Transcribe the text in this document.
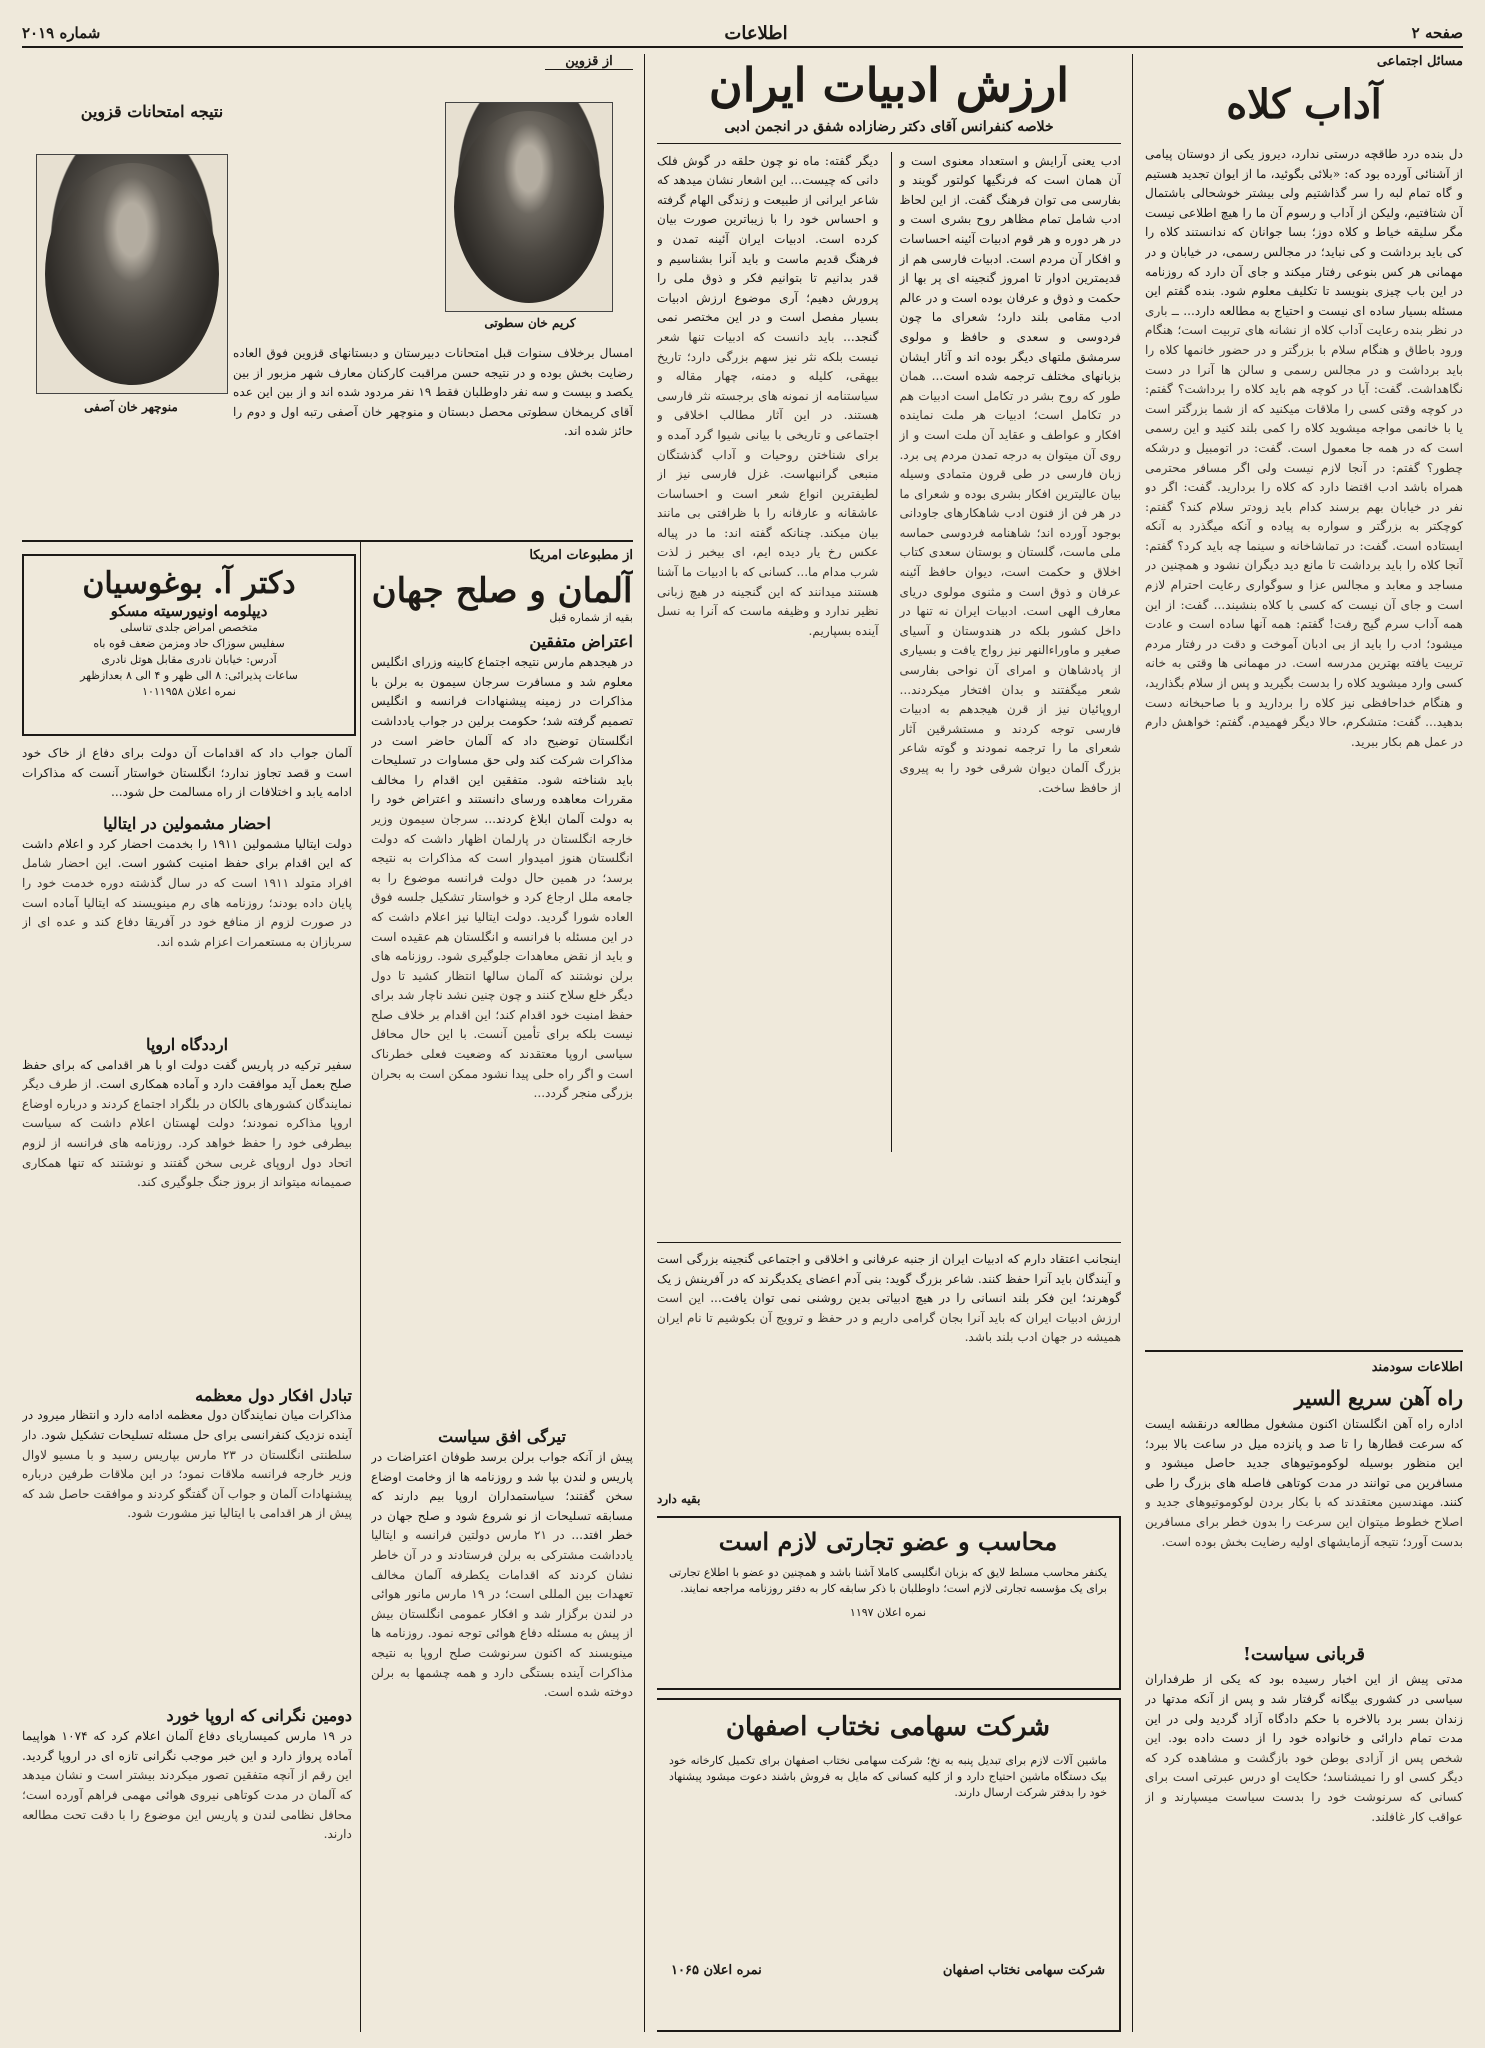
صفحه ۲
اطلاعات
شماره ۲۰۱۹
مسائل اجتماعی
آداب کلاه
دل بنده درد طاقچه درستی ندارد، دیروز یکی از دوستان پیامی از آشنائی آورده بود که: «بلائی بگوئید، ما از ایوان تجدید هستیم و گاه تمام لبه را سر گذاشتیم ولی بیشتر خوشحالی باشتمال آن شتافتیم، ولیکن از آداب و رسوم آن ما را هیچ اطلاعی نیست مگر سلیقه خیاط و کلاه دوز؛ بسا جوانان که ندانستند کلاه را کی باید برداشت و کی نباید؛ در مجالس رسمی، در خیابان و در مهمانی هر کس بنوعی رفتار میکند و جای آن دارد که روزنامه در این باب چیزی بنویسد تا تکلیف معلوم شود. بنده گفتم این مسئله بسیار ساده ای نیست و احتیاج به مطالعه دارد... ــ باری در نظر بنده رعایت آداب کلاه از نشانه های تربیت است؛ هنگام ورود باطاق و هنگام سلام با بزرگتر و در حضور خانمها کلاه را باید برداشت و در مجالس رسمی و سالن ها آنرا در دست نگاهداشت. گفت: آیا در کوچه هم باید کلاه را برداشت؟ گفتم: در کوچه وقتی کسی را ملاقات میکنید که از شما بزرگتر است یا با خانمی مواجه میشوید کلاه را کمی بلند کنید و این رسمی است که در همه جا معمول است. گفت: در اتومبیل و درشکه چطور؟ گفتم: در آنجا لازم نیست ولی اگر مسافر محترمی همراه باشد ادب اقتضا دارد که کلاه را بردارید. گفت: اگر دو نفر در خیابان بهم برسند کدام باید زودتر سلام کند؟ گفتم: کوچکتر به بزرگتر و سواره به پیاده و آنکه میگذرد به آنکه ایستاده است. گفت: در تماشاخانه و سینما چه باید کرد؟ گفتم: آنجا کلاه را باید برداشت تا مانع دید دیگران نشود و همچنین در مساجد و معابد و مجالس عزا و سوگواری رعایت احترام لازم است و جای آن نیست که کسی با کلاه بنشیند... گفت: از این همه آداب سرم گیج رفت! گفتم: همه آنها ساده است و عادت میشود؛ ادب را باید از بی ادبان آموخت و دقت در رفتار مردم تربیت یافته بهترین مدرسه است. در مهمانی ها وقتی به خانه کسی وارد میشوید کلاه را بدست بگیرید و پس از سلام بگذارید، و هنگام خداحافظی نیز کلاه را بردارید و با صاحبخانه دست بدهید... گفت: متشکرم، حالا دیگر فهمیدم. گفتم: خواهش دارم در عمل هم بکار ببرید.
اطلاعات سودمند
راه آهن سریع السیر
اداره راه آهن انگلستان اکنون مشغول مطالعه درنقشه ایست که سرعت قطارها را تا صد و پانزده میل در ساعت بالا ببرد؛ این منظور بوسیله لوکوموتیوهای جدید حاصل میشود و مسافرین می توانند در مدت کوتاهی فاصله های بزرگ را طی کنند. مهندسین معتقدند که با بکار بردن لوکوموتیوهای جدید و اصلاح خطوط میتوان این سرعت را بدون خطر برای مسافرین بدست آورد؛ نتیجه آزمایشهای اولیه رضایت بخش بوده است.
قربانی سیاست!
مدتی پیش از این اخبار رسیده بود که یکی از طرفداران سیاسی در کشوری بیگانه گرفتار شد و پس از آنکه مدتها در زندان بسر برد بالاخره با حکم دادگاه آزاد گردید ولی در این مدت تمام دارائی و خانواده خود را از دست داده بود. این شخص پس از آزادی بوطن خود بازگشت و مشاهده کرد که دیگر کسی او را نمیشناسد؛ حکایت او درس عبرتی است برای کسانی که سرنوشت خود را بدست سیاست میسپارند و از عواقب کار غافلند.
ارزش ادبیات ایران
خلاصه کنفرانس آقای دکتر رضازاده شفق در انجمن ادبی
ادب یعنی آرایش و استعداد معنوی است و آن همان است که فرنگیها کولتور گویند و بفارسی می توان فرهنگ گفت. از این لحاظ ادب شامل تمام مظاهر روح بشری است و در هر دوره و هر قوم ادبیات آئینه احساسات و افکار آن مردم است. ادبیات فارسی هم از قدیمترین ادوار تا امروز گنجینه ای پر بها از حکمت و ذوق و عرفان بوده است و در عالم ادب مقامی بلند دارد؛ شعرای ما چون فردوسی و سعدی و حافظ و مولوی سرمشق ملتهای دیگر بوده اند و آثار ایشان بزبانهای مختلف ترجمه شده است... همان طور که روح بشر در تکامل است ادبیات هم در تکامل است؛ ادبیات هر ملت نماینده افکار و عواطف و عقاید آن ملت است و از روی آن میتوان به درجه تمدن مردم پی برد. زبان فارسی در طی قرون متمادی وسیله بیان عالیترین افکار بشری بوده و شعرای ما در هر فن از فنون ادب شاهکارهای جاودانی بوجود آورده اند؛ شاهنامه فردوسی حماسه ملی ماست، گلستان و بوستان سعدی کتاب اخلاق و حکمت است، دیوان حافظ آئینه عرفان و ذوق است و مثنوی مولوی دریای معارف الهی است. ادبیات ایران نه تنها در داخل کشور بلکه در هندوستان و آسیای صغیر و ماوراءالنهر نیز رواج یافت و بسیاری از پادشاهان و امرای آن نواحی بفارسی شعر میگفتند و بدان افتخار میکردند... اروپائیان نیز از قرن هیجدهم به ادبیات فارسی توجه کردند و مستشرقین آثار شعرای ما را ترجمه نمودند و گوته شاعر بزرگ آلمان دیوان شرقی خود را به پیروی از حافظ ساخت.
دیگر گفته: ماه نو چون حلقه در گوش فلک دانی که چیست... این اشعار نشان میدهد که شاعر ایرانی از طبیعت و زندگی الهام گرفته و احساس خود را با زیباترین صورت بیان کرده است. ادبیات ایران آئینه تمدن و فرهنگ قدیم ماست و باید آنرا بشناسیم و قدر بدانیم تا بتوانیم فکر و ذوق ملی را پرورش دهیم؛ آری موضوع ارزش ادبیات بسیار مفصل است و در این مختصر نمی گنجد... باید دانست که ادبیات تنها شعر نیست بلکه نثر نیز سهم بزرگی دارد؛ تاریخ بیهقی، کلیله و دمنه، چهار مقاله و سیاستنامه از نمونه های برجسته نثر فارسی هستند. در این آثار مطالب اخلاقی و اجتماعی و تاریخی با بیانی شیوا گرد آمده و برای شناختن روحیات و آداب گذشتگان منبعی گرانبهاست. غزل فارسی نیز از لطیفترین انواع شعر است و احساسات عاشقانه و عارفانه را با ظرافتی بی مانند بیان میکند. چنانکه گفته اند: ما در پیاله عکس رخ یار دیده ایم، ای بیخبر ز لذت شرب مدام ما... کسانی که با ادبیات ما آشنا هستند میدانند که این گنجینه در هیچ زبانی نظیر ندارد و وظیفه ماست که آنرا به نسل آینده بسپاریم.
اینجانب اعتقاد دارم که ادبیات ایران از جنبه عرفانی و اخلاقی و اجتماعی گنجینه بزرگی است و آیندگان باید آنرا حفظ کنند. شاعر بزرگ گوید: بنی آدم اعضای یکدیگرند که در آفرینش ز یک گوهرند؛ این فکر بلند انسانی را در هیچ ادبیاتی بدین روشنی نمی توان یافت... این است ارزش ادبیات ایران که باید آنرا بجان گرامی داریم و در حفظ و ترویج آن بکوشیم تا نام ایران همیشه در جهان ادب بلند باشد.
بقیه دارد
محاسب و عضو تجارتی لازم است
یکنفر محاسب مسلط لایق که بزبان انگلیسی کاملا آشنا باشد و همچنین دو عضو با اطلاع تجارتی برای یک مؤسسه تجارتی لازم است؛ داوطلبان با ذکر سابقه کار به دفتر روزنامه مراجعه نمایند.
نمره اعلان ۱۱۹۷
شرکت سهامی نختاب اصفهان
ماشین آلات لازم برای تبدیل پنبه به نخ؛ شرکت سهامی نختاب اصفهان برای تکمیل کارخانه خود بیک دستگاه ماشین احتیاج دارد و از کلیه کسانی که مایل به فروش باشند دعوت میشود پیشنهاد خود را بدفتر شرکت ارسال دارند.
شرکت سهامی نختاب اصفهان
نمره اعلان ۱۰۶۵
از قزوین
نتیجه امتحانات قزوین
کریم خان سطوتی
منوچهر خان آصفی
امسال برخلاف سنوات قبل امتحانات دبیرستان و دبستانهای قزوین فوق العاده رضایت بخش بوده و در نتیجه حسن مراقبت کارکنان معارف شهر مزبور از بین یکصد و بیست و سه نفر داوطلبان فقط ۱۹ نفر مردود شده اند و از بین این عده آقای کریمخان سطوتی محصل دبستان و منوچهر خان آصفی رتبه اول و دوم را حائز شده اند.
از مطبوعات امریکا
آلمان و صلح جهان
بقیه از شماره قبل
اعتراض متفقین
در هیجدهم مارس نتیجه اجتماع کابینه وزرای انگلیس معلوم شد و مسافرت سرجان سیمون به برلن با مذاکرات در زمینه پیشنهادات فرانسه و انگلیس تصمیم گرفته شد؛ حکومت برلین در جواب یادداشت انگلستان توضیح داد که آلمان حاضر است در مذاکرات شرکت کند ولی حق مساوات در تسلیحات باید شناخته شود. متفقین این اقدام را مخالف مقررات معاهده ورسای دانستند و اعتراض خود را به دولت آلمان ابلاغ کردند... سرجان سیمون وزیر خارجه انگلستان در پارلمان اظهار داشت که دولت انگلستان هنوز امیدوار است که مذاکرات به نتیجه برسد؛ در همین حال دولت فرانسه موضوع را به جامعه ملل ارجاع کرد و خواستار تشکیل جلسه فوق العاده شورا گردید. دولت ایتالیا نیز اعلام داشت که در این مسئله با فرانسه و انگلستان هم عقیده است و باید از نقض معاهدات جلوگیری شود. روزنامه های برلن نوشتند که آلمان سالها انتظار کشید تا دول دیگر خلع سلاح کنند و چون چنین نشد ناچار شد برای حفظ امنیت خود اقدام کند؛ این اقدام بر خلاف صلح نیست بلکه برای تأمین آنست. با این حال محافل سیاسی اروپا معتقدند که وضعیت فعلی خطرناک است و اگر راه حلی پیدا نشود ممکن است به بحران بزرگی منجر گردد...
تیرگی افق سیاست
پیش از آنکه جواب برلن برسد طوفان اعتراضات در پاریس و لندن بپا شد و روزنامه ها از وخامت اوضاع سخن گفتند؛ سیاستمداران اروپا بیم دارند که مسابقه تسلیحات از نو شروع شود و صلح جهان در خطر افتد... در ۲۱ مارس دولتین فرانسه و ایتالیا یادداشت مشترکی به برلن فرستادند و در آن خاطر نشان کردند که اقدامات یکطرفه آلمان مخالف تعهدات بین المللی است؛ در ۱۹ مارس مانور هوائی در لندن برگزار شد و افکار عمومی انگلستان بیش از پیش به مسئله دفاع هوائی توجه نمود. روزنامه ها مینویسند که اکنون سرنوشت صلح اروپا به نتیجه مذاکرات آینده بستگی دارد و همه چشمها به برلن دوخته شده است.
دکتر آ. بوغوسیان
دیپلومه اونیورسیته مسکو
متخصص امراض جلدی تناسلی
سفلیس سوزاک حاد ومزمن ضعف قوه باه
آدرس: خیابان نادری مقابل هوتل نادری
ساعات پذیرائی: ۸ الی ظهر و ۴ الی ۸ بعدازظهر
نمره اعلان ۱۰۱۱۹۵۸
آلمان جواب داد که اقدامات آن دولت برای دفاع از خاک خود است و قصد تجاوز ندارد؛ انگلستان خواستار آنست که مذاکرات ادامه یابد و اختلافات از راه مسالمت حل شود...
احضار مشمولین در ایتالیا
دولت ایتالیا مشمولین ۱۹۱۱ را بخدمت احضار کرد و اعلام داشت که این اقدام برای حفظ امنیت کشور است. این احضار شامل افراد متولد ۱۹۱۱ است که در سال گذشته دوره خدمت خود را پایان داده بودند؛ روزنامه های رم مینویسند که ایتالیا آماده است در صورت لزوم از منافع خود در آفریقا دفاع کند و عده ای از سربازان به مستعمرات اعزام شده اند.
ارددگاه اروپا
سفیر ترکیه در پاریس گفت دولت او با هر اقدامی که برای حفظ صلح بعمل آید موافقت دارد و آماده همکاری است. از طرف دیگر نمایندگان کشورهای بالکان در بلگراد اجتماع کردند و درباره اوضاع اروپا مذاکره نمودند؛ دولت لهستان اعلام داشت که سیاست بیطرفی خود را حفظ خواهد کرد. روزنامه های فرانسه از لزوم اتحاد دول اروپای غربی سخن گفتند و نوشتند که تنها همکاری صمیمانه میتواند از بروز جنگ جلوگیری کند.
تبادل افکار دول معظمه
مذاکرات میان نمایندگان دول معظمه ادامه دارد و انتظار میرود در آینده نزدیک کنفرانسی برای حل مسئله تسلیحات تشکیل شود. دار سلطنتی انگلستان در ۲۳ مارس بپاریس رسید و با مسیو لاوال وزیر خارجه فرانسه ملاقات نمود؛ در این ملاقات طرفین درباره پیشنهادات آلمان و جواب آن گفتگو کردند و موافقت حاصل شد که پیش از هر اقدامی با ایتالیا نیز مشورت شود.
دومین نگرانی که اروپا خورد
در ۱۹ مارس کمیساریای دفاع آلمان اعلام کرد که ۱۰۷۴ هواپیما آماده پرواز دارد و این خبر موجب نگرانی تازه ای در اروپا گردید. این رقم از آنچه متفقین تصور میکردند بیشتر است و نشان میدهد که آلمان در مدت کوتاهی نیروی هوائی مهمی فراهم آورده است؛ محافل نظامی لندن و پاریس این موضوع را با دقت تحت مطالعه دارند.
